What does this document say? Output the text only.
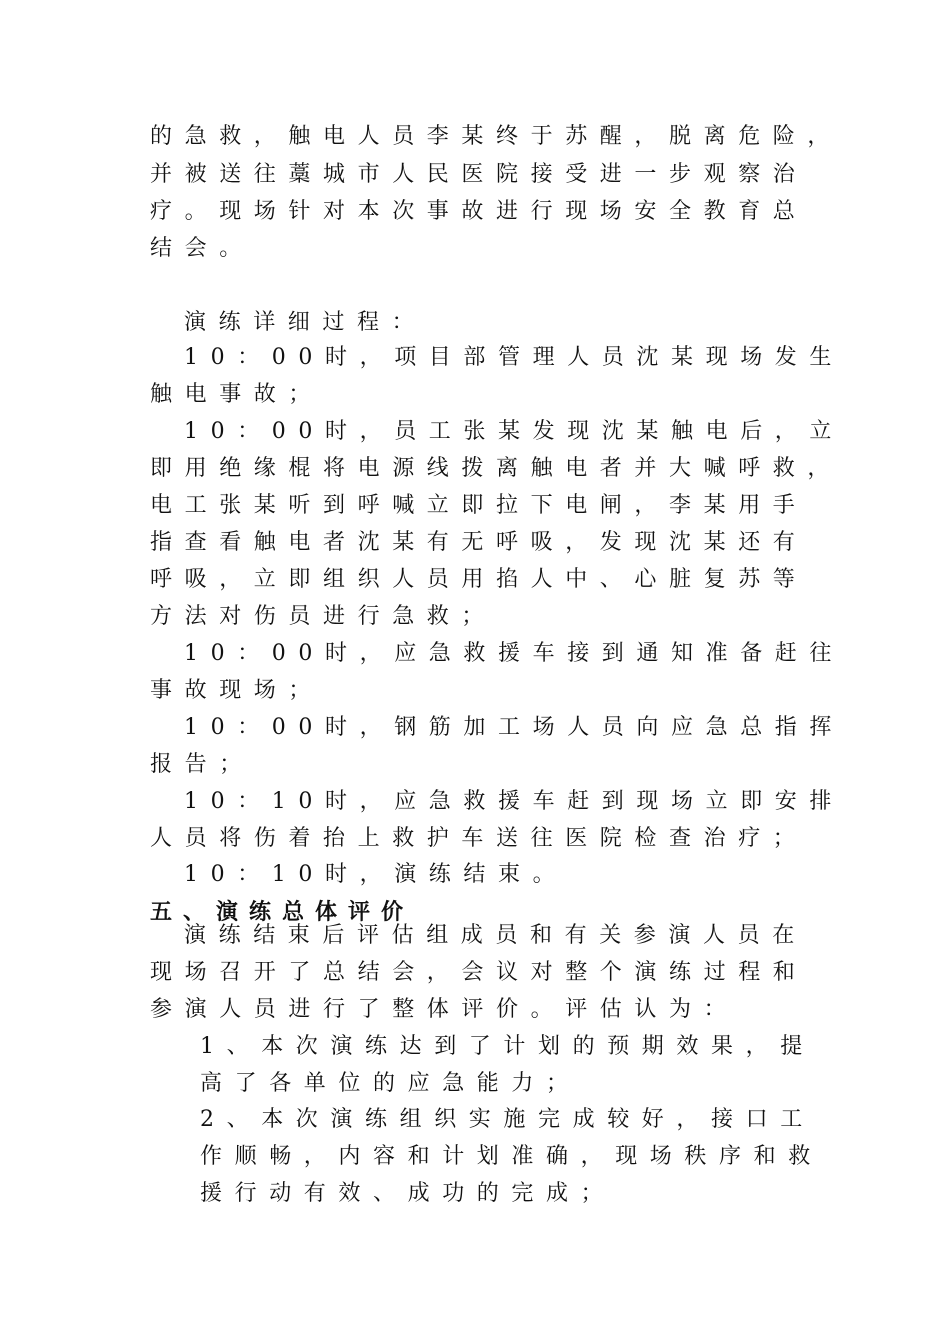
的急救，触电人员李某终于苏醒，脱离危险，
并被送往藁城市人民医院接受进一步观察治
疗。现场针对本次事故进行现场安全教育总
结会。
演练详细过程：
10：00时，项目部管理人员沈某现场发生
触电事故；
10：00时，员工张某发现沈某触电后，立
即用绝缘棍将电源线拨离触电者并大喊呼救，
电工张某听到呼喊立即拉下电闸，李某用手
指查看触电者沈某有无呼吸，发现沈某还有
呼吸，立即组织人员用掐人中、心脏复苏等
方法对伤员进行急救；
10：00时，应急救援车接到通知准备赶往
事故现场；
10：00时，钢筋加工场人员向应急总指挥
报告；
10：10时，应急救援车赶到现场立即安排
人员将伤着抬上救护车送往医院检查治疗；
10：10时，演练结束。
五、演练总体评价
演练结束后评估组成员和有关参演人员在
现场召开了总结会，会议对整个演练过程和
参演人员进行了整体评价。评估认为：
1、本次演练达到了计划的预期效果，提
高了各单位的应急能力；
2、本次演练组织实施完成较好，接口工
作顺畅，内容和计划准确，现场秩序和救
援行动有效、成功的完成；
